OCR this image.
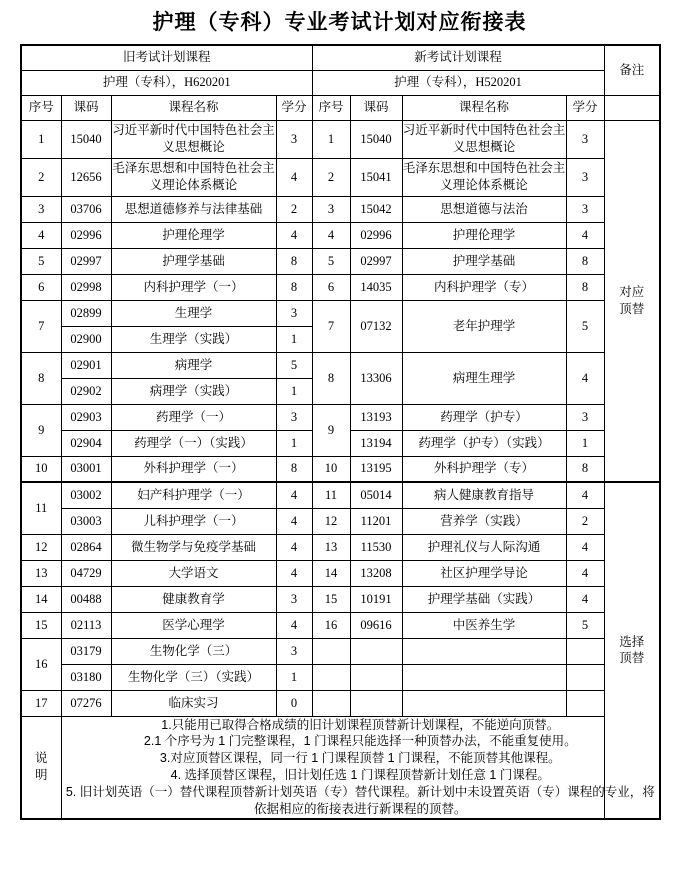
护理（专科）专业考试计划对应衔接表
旧考试计划课程				新考试计划课程				备注
护理（专科），H620201				护理（专科），H520201				
序号	课码	课程名称	学分	序号	课码	课程名称	学分	
1	15040	习近平新时代中国特色社会主义思想概论	3	1	15040	习近平新时代中国特色社会主义思想概论	3	对应
顶替

2	12656	毛泽东思想和中国特色社会主义理论体系概论	4	2	15041	毛泽东思想和中国特色社会主义理论体系概论	3	
3	03706	思想道德修养与法律基础	2	3	15042	思想道德与法治	3	
4	02996	护理伦理学	4	4	02996	护理伦理学	4	
5	02997	护理学基础	8	5	02997	护理学基础	8	
6	02998	内科护理学（一）	8	6	14035	内科护理学（专）	8	
7	02899	生理学	3	7	07132	老年护理学	5	
	02900	生理学（实践）	1					
8	02901	病理学	5	8	13306	病理生理学	4	
	02902	病理学（实践）	1					
9	02903	药理学（一）	3	9	13193	药理学（护专）	3	
	02904	药理学（一）（实践）	1		13194	药理学（护专）（实践）	1	
10	03001	外科护理学（一）	8	10	13195	外科护理学（专）	8	
11	03002	妇产科护理学（一）	4	11	05014	病人健康教育指导	4	选择
顶替

	03003	儿科护理学（一）	4	12	11201	营养学（实践）	2	
12	02864	微生物学与免疫学基础	4	13	11530	护理礼仪与人际沟通	4	
13	04729	大学语文	4	14	13208	社区护理学导论	4	
14	00488	健康教育学	3	15	10191	护理学基础（实践）	4	
15	02113	医学心理学	4	16	09616	中医养生学	5	
16	03179	生物化学（三）	3					
	03180	生物化学（三）（实践）	1					
17	07276	临床实习	0					

说
明

1.只能用已取得合格成绩的旧计划课程顶替新计划课程，不能逆向顶替。
2.1 个序号为 1 门完整课程，1 门课程只能选择一种顶替办法，不能重复使用。
3.对应顶替区课程，同一行 1 门课程顶替 1 门课程，不能顶替其他课程。
4. 选择顶替区课程，旧计划任选 1 门课程顶替新计划任意 1 门课程。
5. 旧计划英语（一）替代课程顶替新计划英语（专）替代课程。新计划中未设置英语（专）课程的专业，将依据相应的衔接表进行新课程的顶替。
